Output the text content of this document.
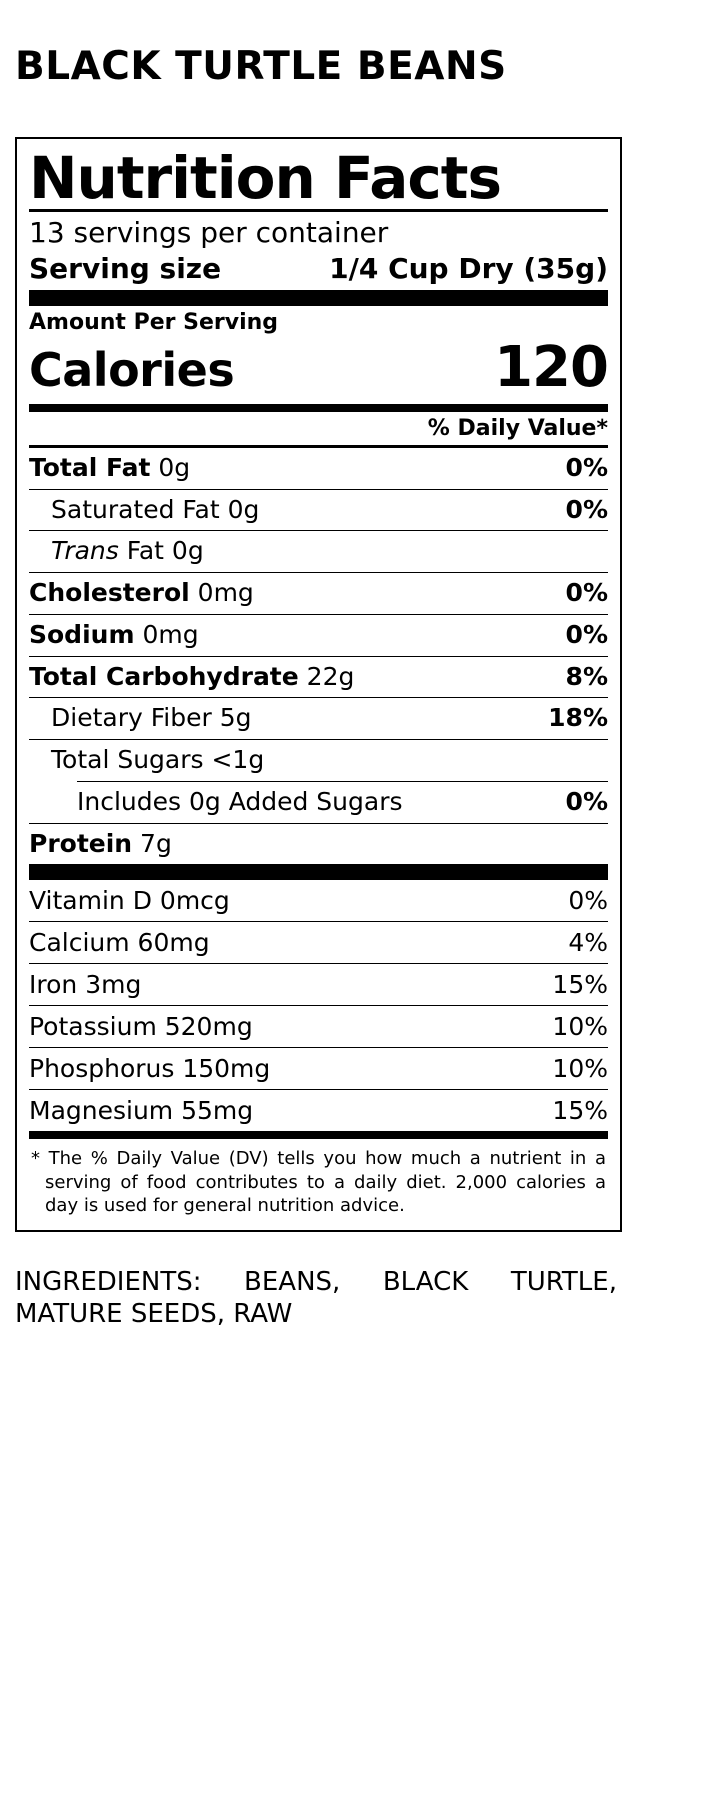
BLACK TURTLE BEANS
Nutrition Facts
13 servings per container
Serving size	1/4 Cup Dry (35g)
Amount Per Serving
Calories	120
% Daily Value*
Total Fat 0g	0%
Saturated Fat 0g	0%
Trans Fat 0g
Cholesterol 0mg	0%
Sodium 0mg	0%
Total Carbohydrate 22g	8%
Dietary Fiber 5g	18%
Total Sugars <1g
Includes 0g Added Sugars	0%
Protein 7g
Vitamin D 0mcg	0%
Calcium 60mg	4%
Iron 3mg	15%
Potassium 520mg	10%
Phosphorus 150mg	10%
Magnesium 55mg	15%
* The % Daily Value (DV) tells you how much a nutrient in a serving of food contributes to a daily diet. 2,000 calories a day is used for general nutrition advice.
INGREDIENTS: BEANS, BLACK TURTLE, MATURE SEEDS, RAW
